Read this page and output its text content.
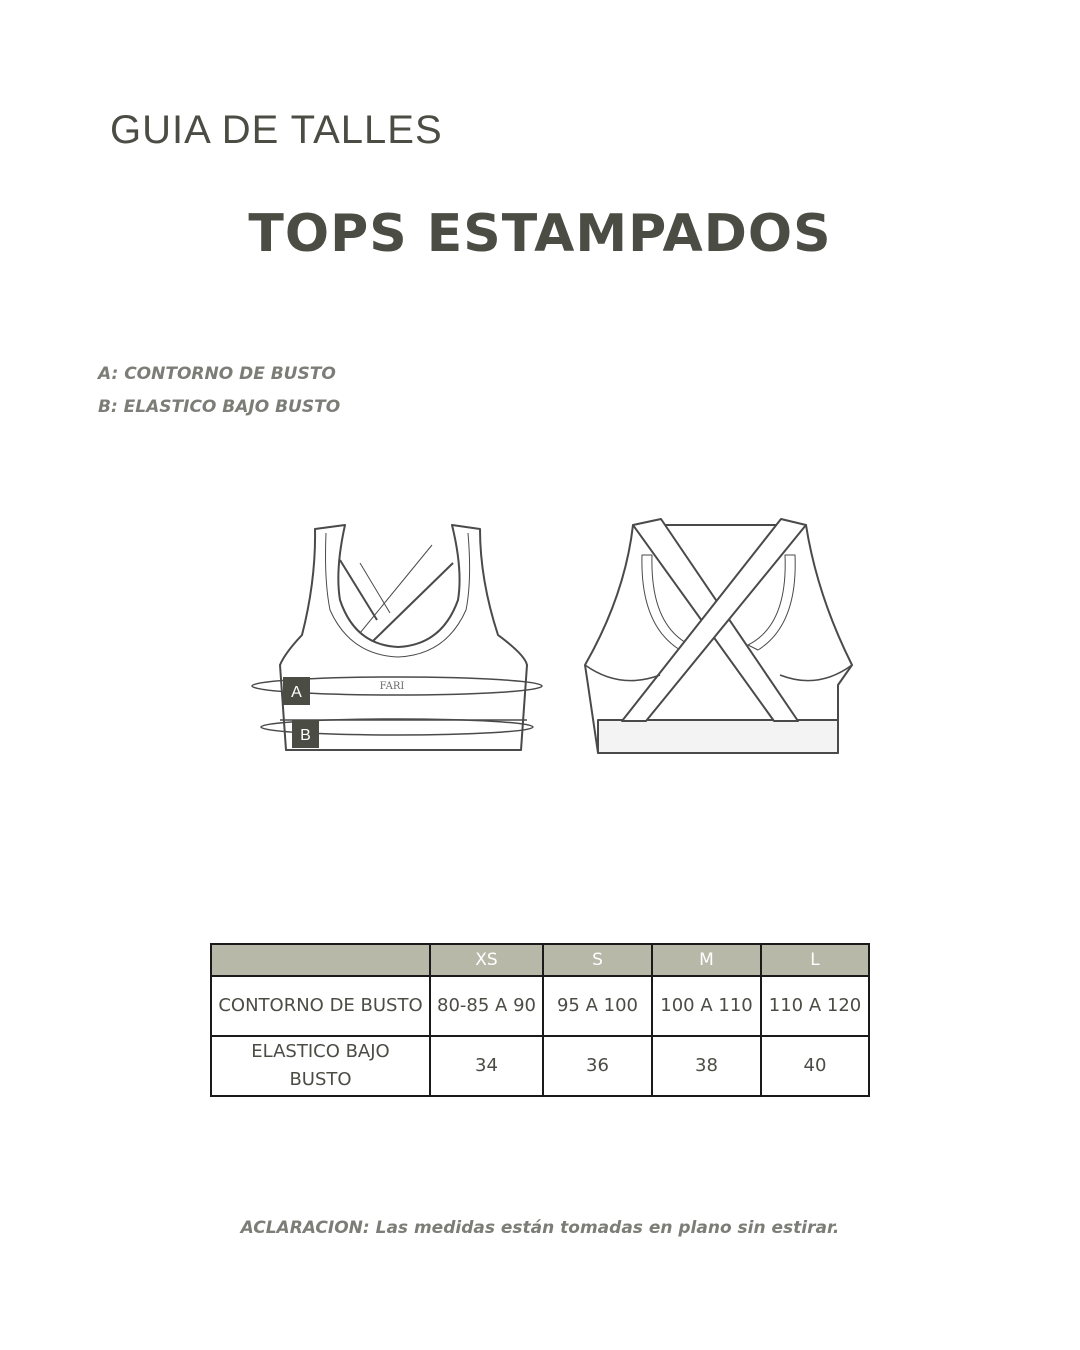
GUIA DE TALLES
TOPS ESTAMPADOS
A: CONTORNO DE BUSTO
B: ELASTICO BAJO BUSTO
FARI
A
B
	XS	S	M	L
CONTORNO DE BUSTO	80-85 A 90	95 A 100	100 A 110	110 A 120
ELASTICO BAJO BUSTO	34	36	38	40
ACLARACION: Las medidas están tomadas en plano sin estirar.
